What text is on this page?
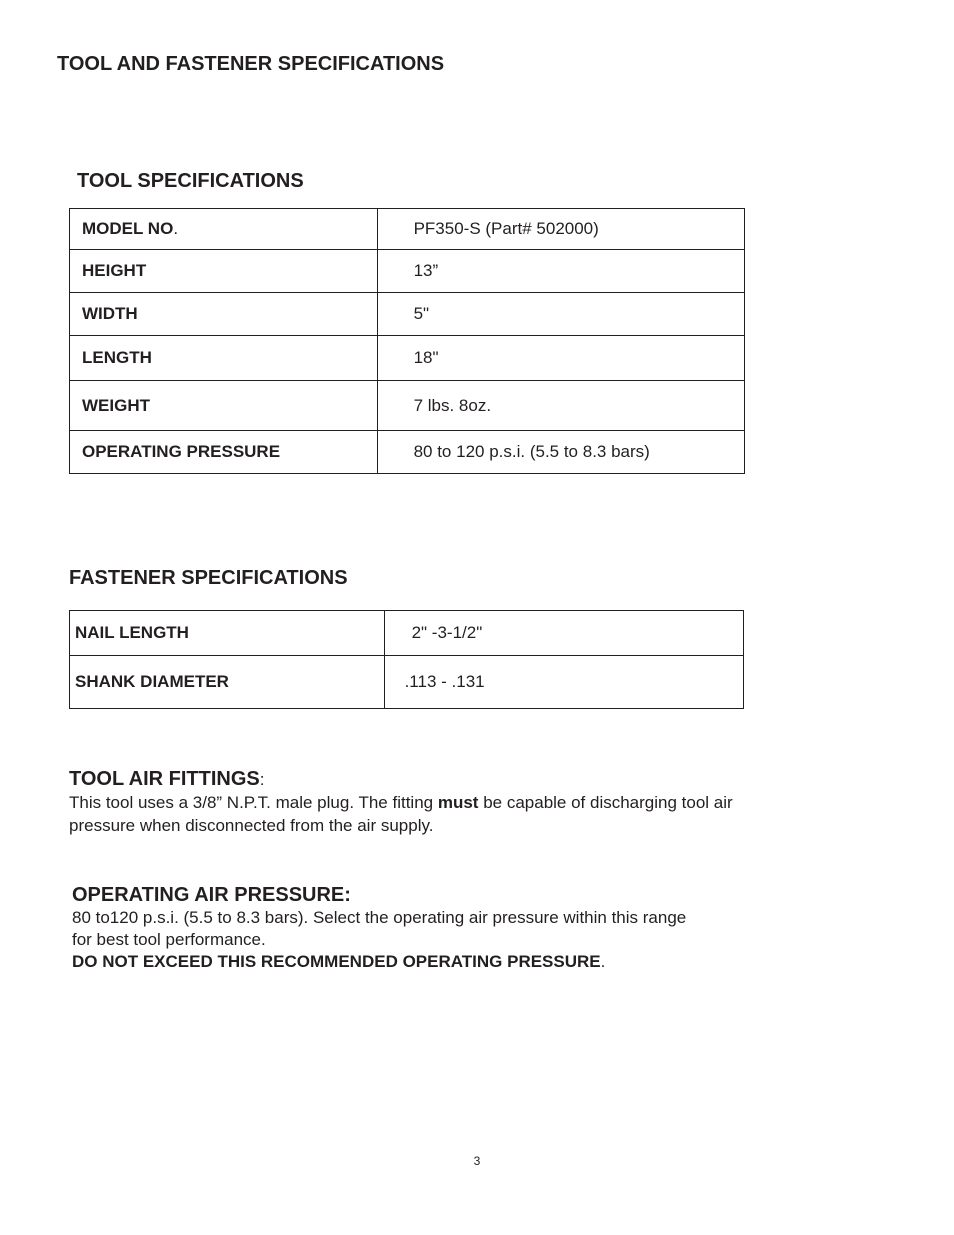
TOOL AND FASTENER SPECIFICATIONS
TOOL SPECIFICATIONS
MODEL NO.	PF350-S (Part# 502000)
HEIGHT	13”
WIDTH	5"
LENGTH	18"
WEIGHT	7 lbs. 8oz.
OPERATING PRESSURE	80 to 120 p.s.i. (5.5 to 8.3 bars)
FASTENER SPECIFICATIONS
NAIL LENGTH	2" -3-1/2"
SHANK DIAMETER	.113 - .131
TOOL AIR FITTINGS:
This tool uses a 3/8” N.P.T. male plug. The fitting must be capable of discharging tool air
pressure when disconnected from the air supply.
OPERATING AIR PRESSURE:
80 to120 p.s.i. (5.5 to 8.3 bars). Select the operating air pressure within this range
for best tool performance.
DO NOT EXCEED THIS RECOMMENDED OPERATING PRESSURE.
3
